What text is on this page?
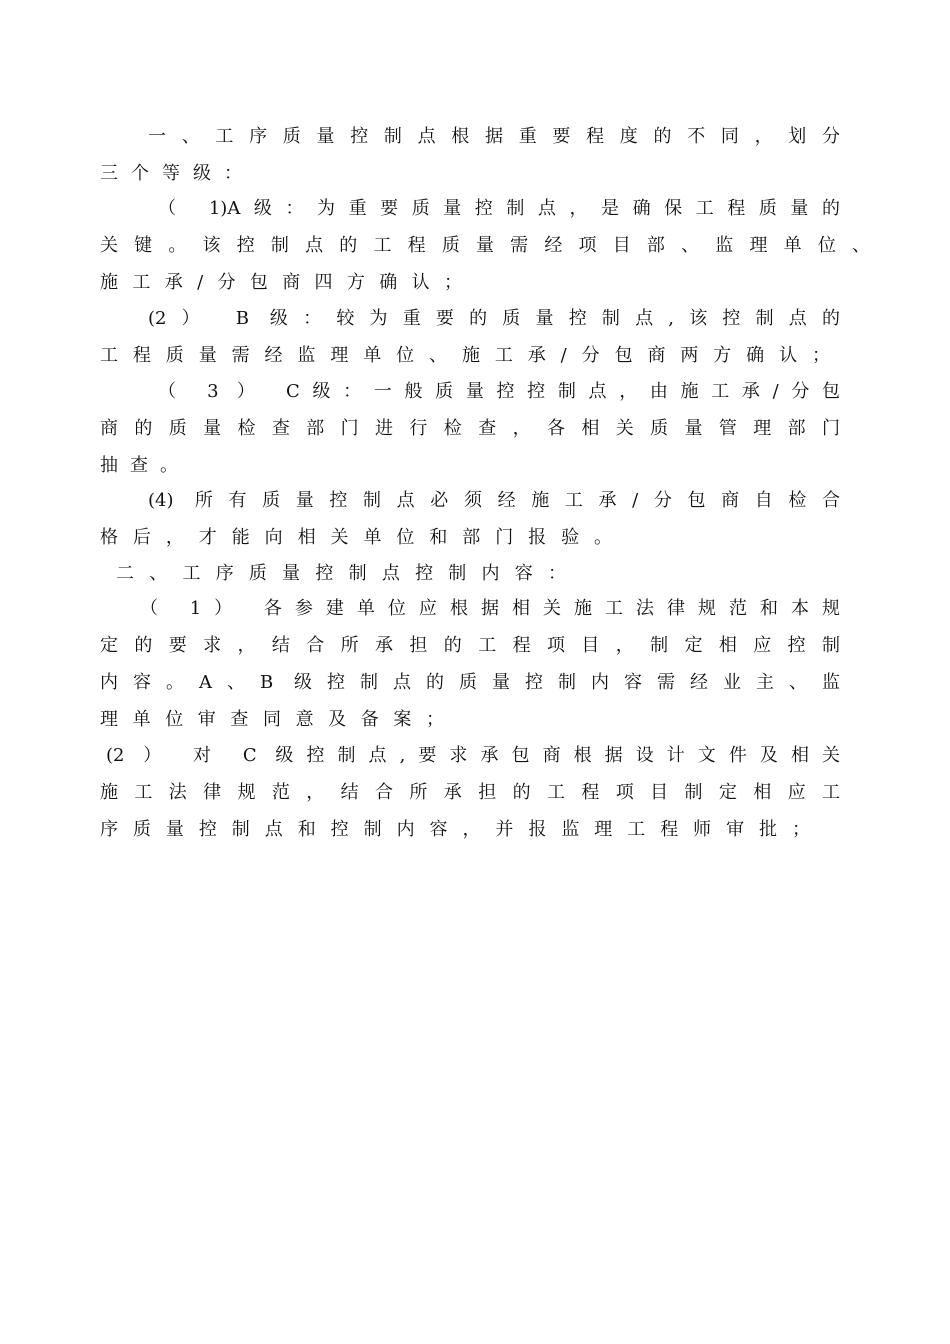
一、工序质量控制点根据重要程度的不同，划分
三个等级：
（ 1)A级：为重要质量控制点，是确保工程质量的
关键。该控制点的工程质量需经项目部、监理单位、
施工承/分包商四方确认；
(2） B 级：较为重要的质量控制点,该控制点的
工程质量需经监理单位、施工承/分包商两方确认；
（ 3 ） C级：一般质量控控制点，由施工承/分包
商的质量检查部门进行检查，各相关质量管理部门
抽查。
(4) 所有质量控制点必须经施工承/分包商自检合
格后，才能向相关单位和部门报验。
二、工序质量控制点控制内容：
（ 1） 各参建单位应根据相关施工法律规范和本规
定的要求，结合所承担的工程项目，制定相应控制
内容。A、B 级控制点的质量控制内容需经业主、监
理单位审查同意及备案；
(2 ） 对 C 级控制点,要求承包商根据设计文件及相关
施工法律规范，结合所承担的工程项目制定相应工
序质量控制点和控制内容，并报监理工程师审批；
